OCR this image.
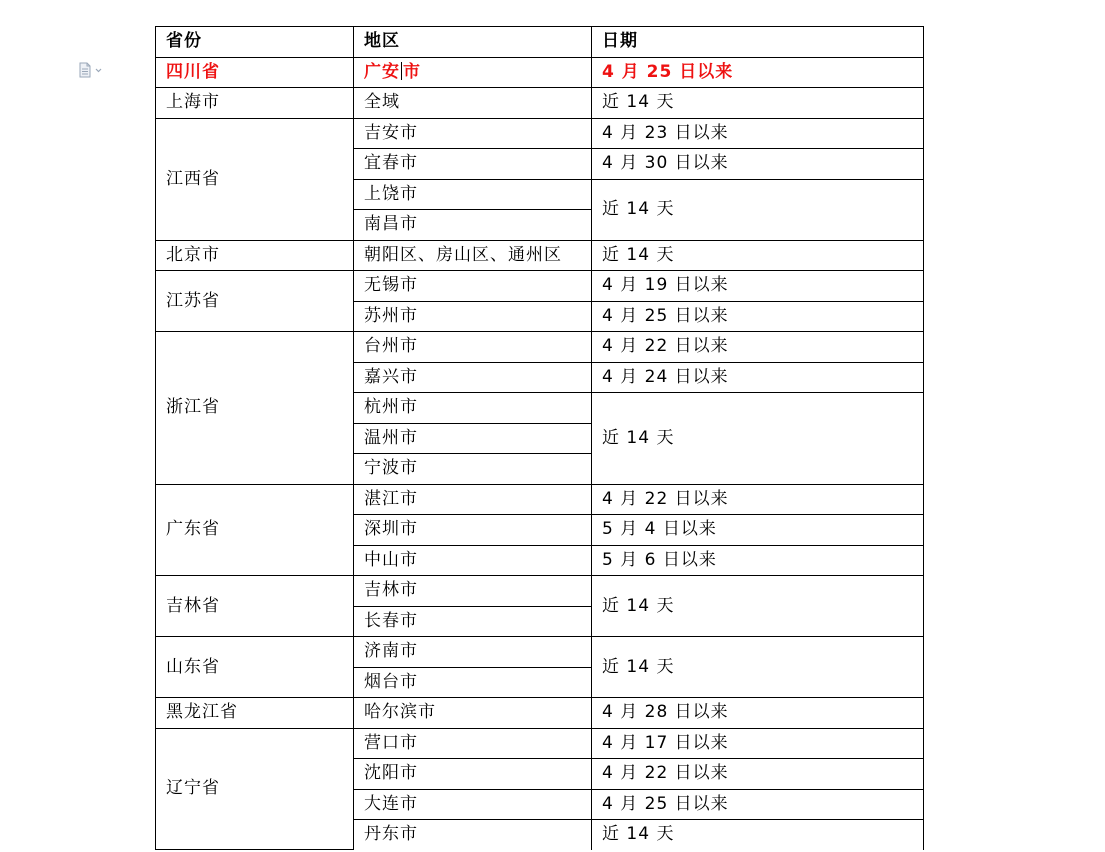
省份	地区	日期
四川省	广安 市	4 月 25 日以来
上海市	全域	近 14 天
江西省	吉安市	4 月 23 日以来
	宜春市	4 月 30 日以来
	上饶市	近 14 天
	南昌市	
北京市	朝阳区、房山区、通州区	近 14 天
江苏省	无锡市	4 月 19 日以来
	苏州市	4 月 25 日以来
浙江省	台州市	4 月 22 日以来
	嘉兴市	4 月 24 日以来
	杭州市	近 14 天
	温州市	
	宁波市	
广东省	湛江市	4 月 22 日以来
	深圳市	5 月 4 日以来
	中山市	5 月 6 日以来
吉林省	吉林市	近 14 天
	长春市	
山东省	济南市	近 14 天
	烟台市	
黑龙江省	哈尔滨市	4 月 28 日以来
辽宁省	营口市	4 月 17 日以来
	沈阳市	4 月 22 日以来
	大连市	4 月 25 日以来
	丹东市	近 14 天
